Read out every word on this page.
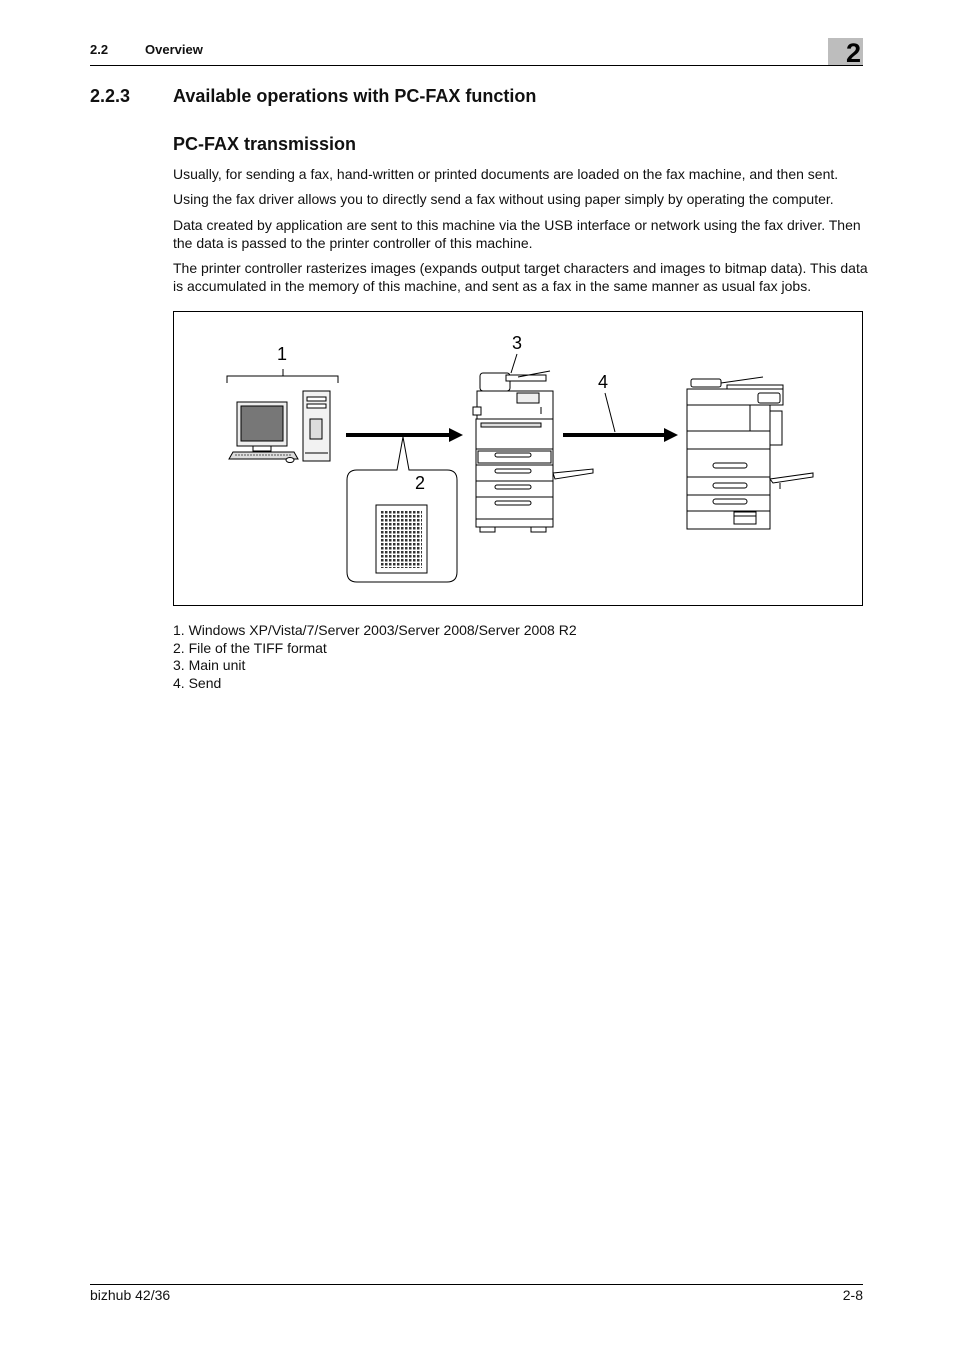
2.2	Overview	2
2.2.3 Available operations with PC-FAX function
PC-FAX transmission

Usually, for sending a fax, hand-written or printed documents are loaded on the fax machine, and then sent.

Using the fax driver allows you to directly send a fax without using paper simply by operating the computer.

Data created by application are sent to this machine via the USB interface or network using the fax driver. Then the data is passed to the printer controller of this machine.

The printer controller rasterizes images (expands output target characters and images to bitmap data). This data is accumulated in the memory of this machine, and sent as a fax in the same manner as usual fax jobs.

1
2
3
4
1. Windows XP/Vista/7/Server 2003/Server 2008/Server 2008 R2
2. File of the TIFF format
3. Main unit
4. Send
bizhub 42/36	2-8
